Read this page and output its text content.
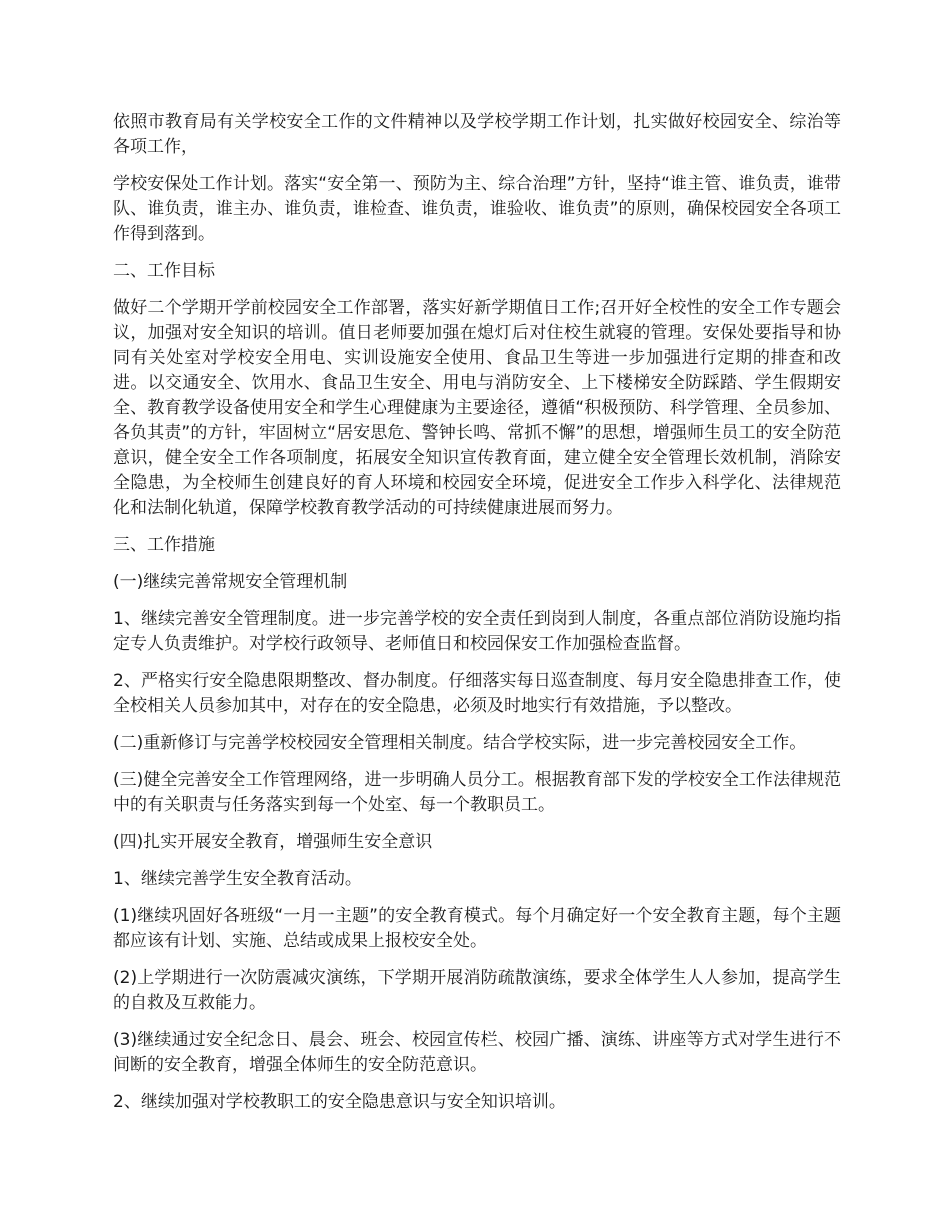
依照市教育局有关学校安全工作的文件精神以及学校学期工作计划，扎实做好校园安全、综治等各项工作，

学校安保处工作计划。落实“安全第一、预防为主、综合治理”方针，坚持“谁主管、谁负责，谁带队、谁负责，谁主办、谁负责，谁检查、谁负责，谁验收、谁负责”的原则，确保校园安全各项工作得到落到。

二、工作目标

做好二个学期开学前校园安全工作部署，落实好新学期值日工作;召开好全校性的安全工作专题会议，加强对安全知识的培训。值日老师要加强在熄灯后对住校生就寝的管理。安保处要指导和协同有关处室对学校安全用电、实训设施安全使用、食品卫生等进一步加强进行定期的排查和改进。以交通安全、饮用水、食品卫生安全、用电与消防安全、上下楼梯安全防踩踏、学生假期安全、教育教学设备使用安全和学生心理健康为主要途径，遵循“积极预防、科学管理、全员参加、各负其责”的方针，牢固树立“居安思危、警钟长鸣、常抓不懈”的思想，增强师生员工的安全防范意识，健全安全工作各项制度，拓展安全知识宣传教育面，建立健全安全管理长效机制，消除安全隐患，为全校师生创建良好的育人环境和校园安全环境，促进安全工作步入科学化、法律规范化和法制化轨道，保障学校教育教学活动的可持续健康进展而努力。

三、工作措施

(一)继续完善常规安全管理机制

1、继续完善安全管理制度。进一步完善学校的安全责任到岗到人制度，各重点部位消防设施均指定专人负责维护。对学校行政领导、老师值日和校园保安工作加强检查监督。

2、严格实行安全隐患限期整改、督办制度。仔细落实每日巡查制度、每月安全隐患排查工作，使全校相关人员参加其中，对存在的安全隐患，必须及时地实行有效措施，予以整改。

(二)重新修订与完善学校校园安全管理相关制度。结合学校实际，进一步完善校园安全工作。

(三)健全完善安全工作管理网络，进一步明确人员分工。根据教育部下发的学校安全工作法律规范中的有关职责与任务落实到每一个处室、每一个教职员工。

(四)扎实开展安全教育，增强师生安全意识

1、继续完善学生安全教育活动。

(1)继续巩固好各班级“一月一主题”的安全教育模式。每个月确定好一个安全教育主题，每个主题都应该有计划、实施、总结或成果上报校安全处。

(2)上学期进行一次防震减灾演练，下学期开展消防疏散演练，要求全体学生人人参加，提高学生的自救及互救能力。

(3)继续通过安全纪念日、晨会、班会、校园宣传栏、校园广播、演练、讲座等方式对学生进行不间断的安全教育，增强全体师生的安全防范意识。

2、继续加强对学校教职工的安全隐患意识与安全知识培训。
